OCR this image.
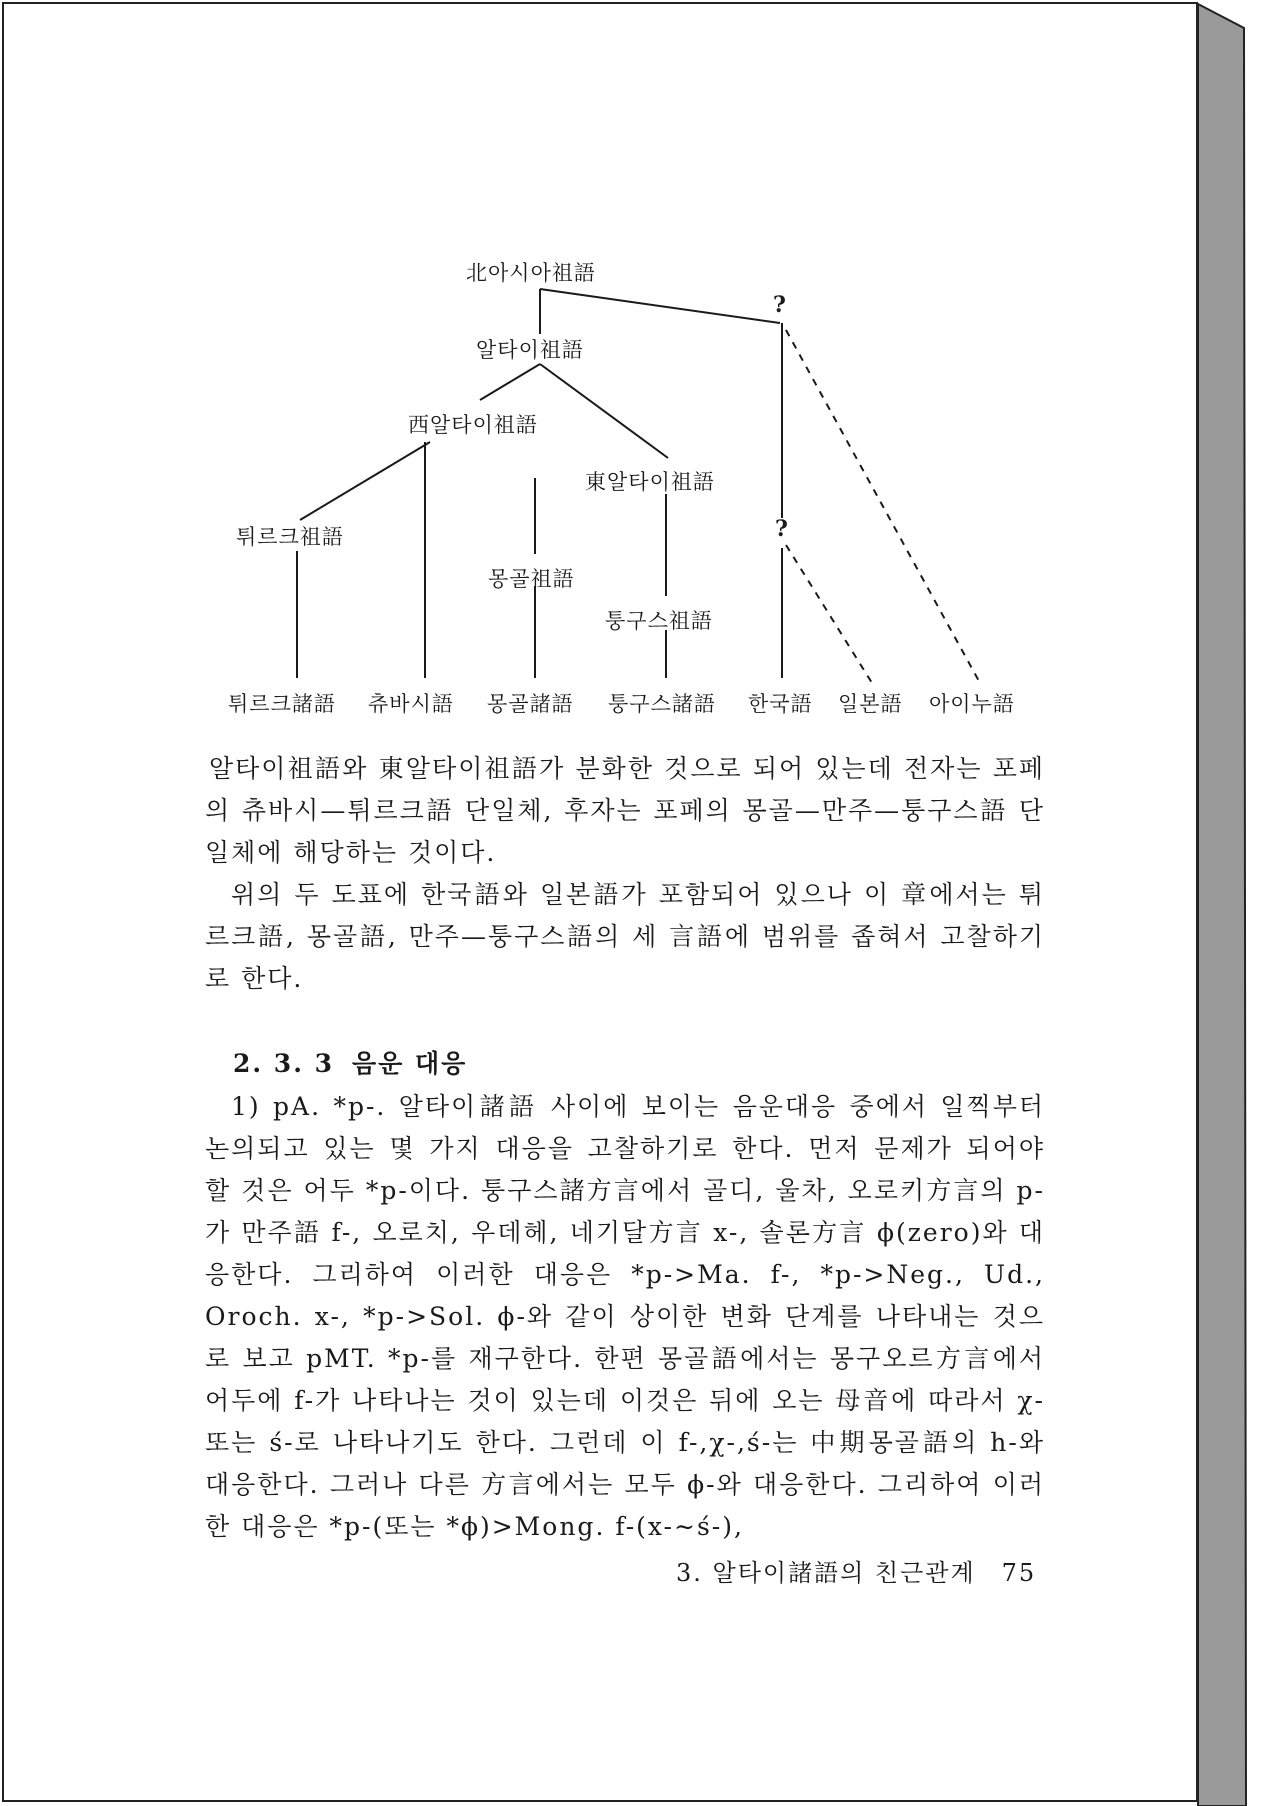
北아시아祖語
?
알타이祖語
西알타이祖語
東알타이祖語
튀르크祖語	?
몽골祖語
퉁구스祖語
튀르크諸語 츄바시語 몽골諸語 퉁구스諸語 한국語 일본語 아이누語
알타이祖語와 東알타이祖語가 분화한 것으로 되어 있는데 전자는 포페의 츄바시—튀르크語 단일체, 후자는 포페의 몽골—만주—퉁구스語 단일체에 해당하는 것이다.
위의 두 도표에 한국語와 일본語가 포함되어 있으나 이 章에서는 튀르크語, 몽골語, 만주—퉁구스語의 세 言語에 범위를 좁혀서 고찰하기로 한다.
2. 3. 3 음운 대응
1) pA. *p-. 알타이諸語 사이에 보이는 음운대응 중에서 일찍부터 논의되고 있는 몇 가지 대응을 고찰하기로 한다. 먼저 문제가 되어야 할 것은 어두 *p-이다. 퉁구스諸方言에서 골디, 울차, 오로키方言의 p-가 만주語 f-, 오로치, 우데헤, 네기달方言 x-, 솔론方言 ϕ(zero)와 대응한다. 그리하여 이러한 대응은 *p->Ma. f-, *p->Neg., Ud., Oroch. x-, *p->Sol. ϕ-와 같이 상이한 변화 단계를 나타내는 것으로 보고 pMT. *p-를 재구한다. 한편 몽골語에서는 몽구오르方言에서 어두에 f-가 나타나는 것이 있는데 이것은 뒤에 오는 母音에 따라서 χ- 또는 ś-로 나타나기도 한다. 그런데 이 f-,χ-,ś-는 中期몽골語의 h-와 대응한다. 그러나 다른 方言에서는 모두 ϕ-와 대응한다. 그리하여 이러한 대응은 *p-(또는 *ϕ)>Mong. f-(x-∼ś-),
3. 알타이諸語의 친근관계 75
